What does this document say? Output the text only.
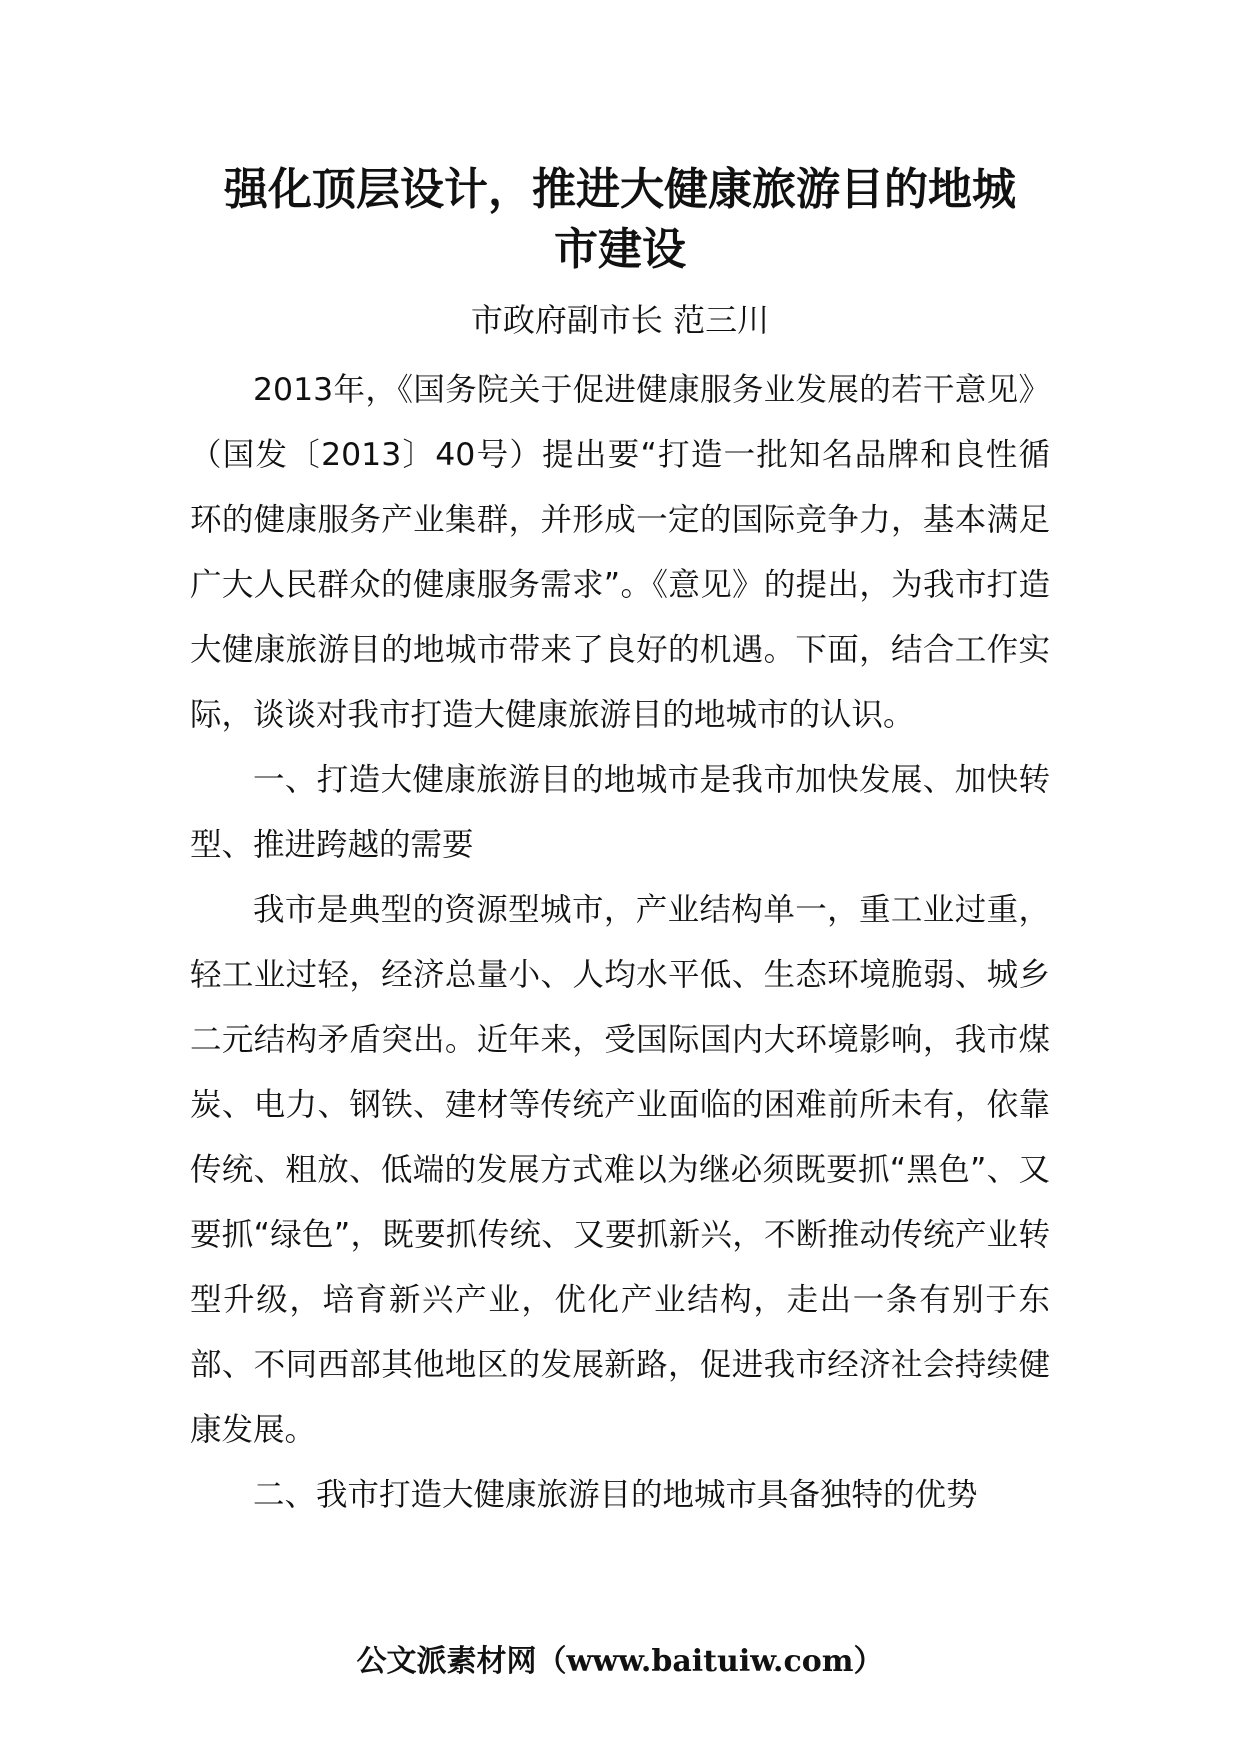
强化顶层设计，推进大健康旅游目的地城
市建设

市政府副市长 范三川

2013年，《国务院关于促进健康服务业发展的若干意见》（国发〔2013〕40号）提出要“打造一批知名品牌和良性循环的健康服务产业集群，并形成一定的国际竞争力，基本满足广大人民群众的健康服务需求”。《意见》的提出，为我市打造大健康旅游目的地城市带来了良好的机遇。下面，结合工作实际，谈谈对我市打造大健康旅游目的地城市的认识。

一、打造大健康旅游目的地城市是我市加快发展、加快转型、推进跨越的需要

我市是典型的资源型城市，产业结构单一，重工业过重，轻工业过轻，经济总量小、人均水平低、生态环境脆弱、城乡二元结构矛盾突出。近年来，受国际国内大环境影响，我市煤炭、电力、钢铁、建材等传统产业面临的困难前所未有，依靠传统、粗放、低端的发展方式难以为继必须既要抓“黑色”、又要抓“绿色”，既要抓传统、又要抓新兴，不断推动传统产业转型升级，培育新兴产业，优化产业结构，走出一条有别于东部、不同西部其他地区的发展新路，促进我市经济社会持续健康发展。

二、我市打造大健康旅游目的地城市具备独特的优势

公文派素材网（www.baituiw.com）
